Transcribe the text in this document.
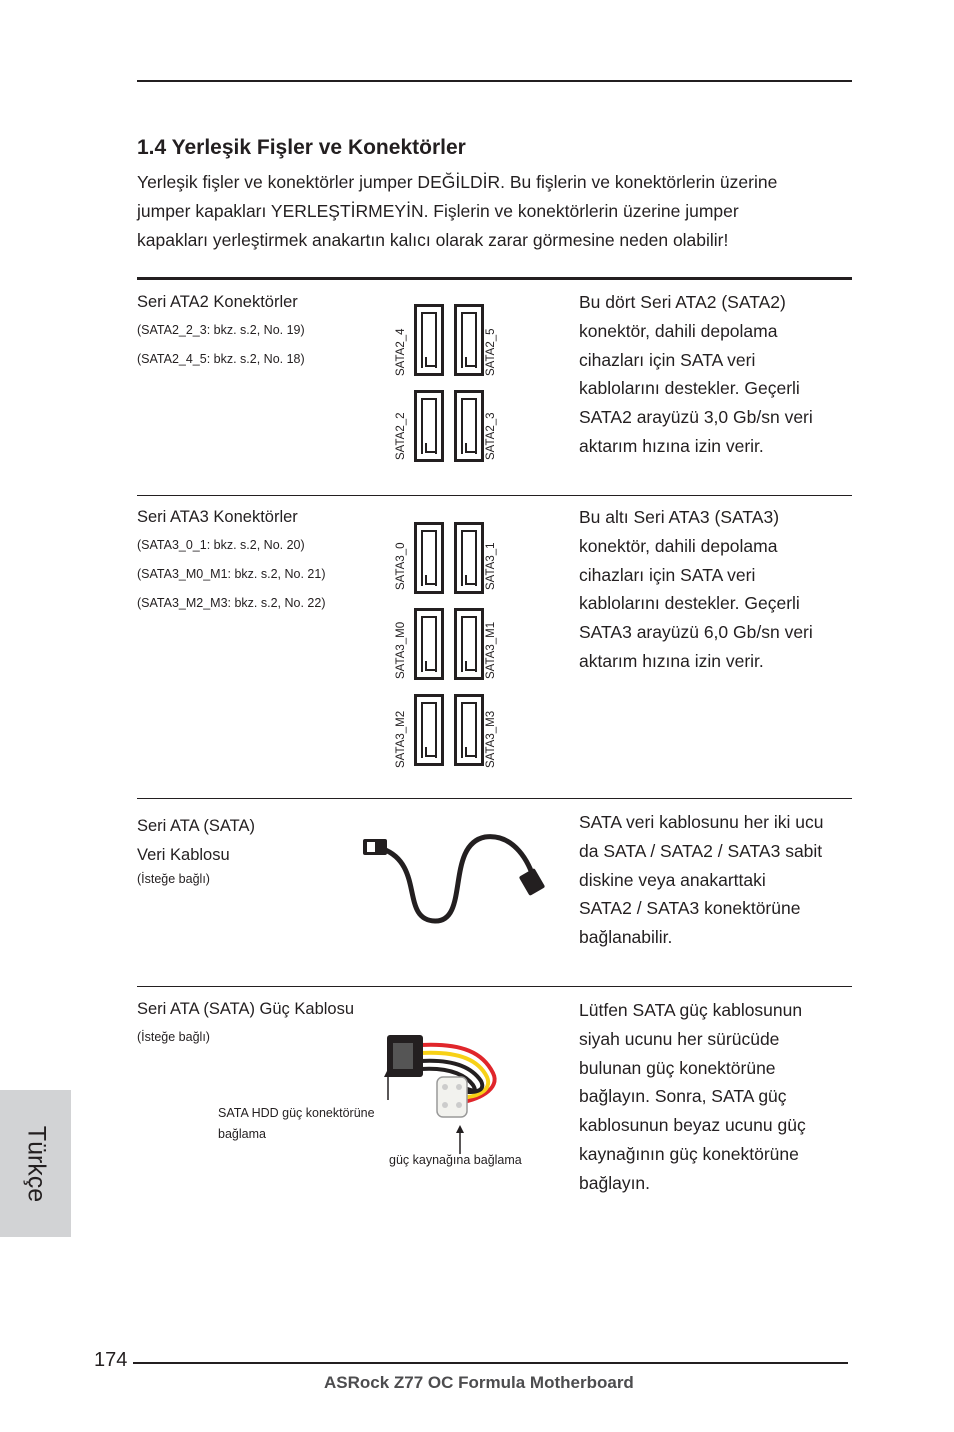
1.4 Yerleşik Fişler ve Konektörler
Yerleşik fişler ve konektörler jumper DEĞİLDİR. Bu fişlerin ve konektörlerin üzerine
jumper kapakları YERLEŞTİRMEYİN. Fişlerin ve konektörlerin üzerine jumper
kapakları yerleştirmek anakartın kalıcı olarak zarar görmesine neden olabilir!
Seri ATA2 Konektörler
(SATA2_2_3: bkz. s.2, No. 19)
(SATA2_4_5: bkz. s.2, No. 18)	SATA2_4	SATA2_5
SATA2_2	SATA2_3
Bu dört Seri ATA2 (SATA2)
konektör, dahili depolama
cihazları için SATA veri
kablolarını destekler. Geçerli
SATA2 arayüzü 3,0 Gb/sn veri
aktarım hızına izin verir.
Seri ATA3 Konektörler
(SATA3_0_1: bkz. s.2, No. 20)
(SATA3_M0_M1: bkz. s.2, No. 21)
(SATA3_M2_M3: bkz. s.2, No. 22)
SATA3_0	SATA3_1
SATA3_M0	SATA3_M1
SATA3_M2	SATA3_M3
Bu altı Seri ATA3 (SATA3)
konektör, dahili depolama
cihazları için SATA veri
kablolarını destekler. Geçerli
SATA3 arayüzü 6,0 Gb/sn veri
aktarım hızına izin verir.
Seri ATA (SATA)
Veri Kablosu
(İsteğe bağlı)
SATA veri kablosunu her iki ucu
da SATA / SATA2 / SATA3 sabit
diskine veya anakarttaki
SATA2 / SATA3 konektörüne
bağlanabilir.
Seri ATA (SATA) Güç Kablosu
(İsteğe bağlı)
SATA HDD güç konektörüne
bağlama
güç kaynağına bağlama
Lütfen SATA güç kablosunun
siyah ucunu her sürücüde
bulunan güç konektörüne
bağlayın. Sonra, SATA güç
kablosunun beyaz ucunu güç
kaynağının güç konektörüne
bağlayın.
Türkçe
174
ASRock Z77 OC Formula Motherboard
